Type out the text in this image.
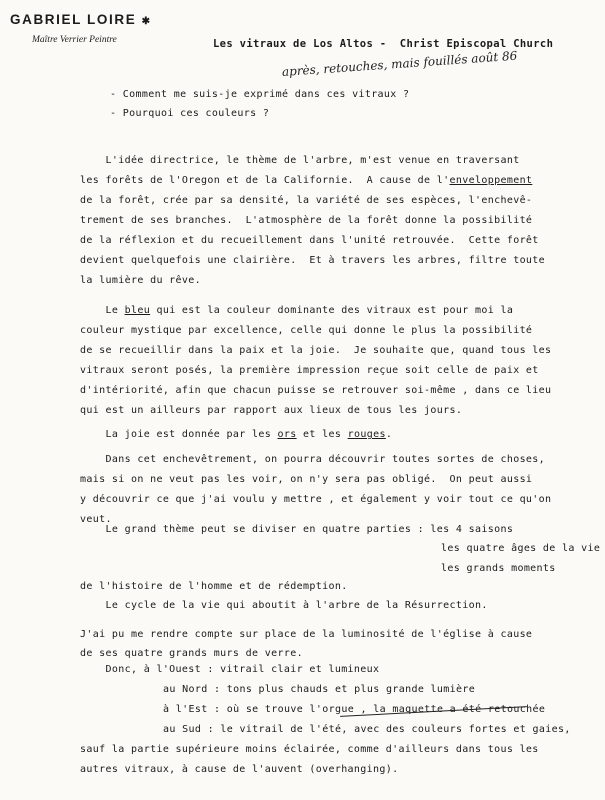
GABRIEL LOIRE ✱
Maître Verrier Peintre	Les vitraux de Los Altos -  Christ Episcopal Church
après, retouches, mais fouillés août 86
- Comment me suis-je exprimé dans ces vitraux ?
- Pourquoi ces couleurs ?
L'idée directrice, le thème de l'arbre, m'est venue en traversant
les forêts de l'Oregon et de la Californie.  A cause de l'enveloppement
de la forêt, crée par sa densité, la variété de ses espèces, l'enchevê-
trement de ses branches.  L'atmosphère de la forêt donne la possibilité
de la réflexion et du recueillement dans l'unité retrouvée.  Cette forêt
devient quelquefois une clairière.  Et à travers les arbres, filtre toute
la lumière du rêve.
Le bleu qui est la couleur dominante des vitraux est pour moi la
couleur mystique par excellence, celle qui donne le plus la possibilité
de se recueillir dans la paix et la joie.  Je souhaite que, quand tous les
vitraux seront posés, la première impression reçue soit celle de paix et
d'intériorité, afin que chacun puisse se retrouver soi-même , dans ce lieu
qui est un ailleurs par rapport aux lieux de tous les jours.
La joie est donnée par les ors et les rouges.
Dans cet enchevêtrement, on pourra découvrir toutes sortes de choses,
mais si on ne veut pas les voir, on n'y sera pas obligé.  On peut aussi
y découvrir ce que j'ai voulu y mettre , et également y voir tout ce qu'on
veut.
Le grand thème peut se diviser en quatre parties : les 4 saisons
les quatre âges de la vie
les grands moments
de l'histoire de l'homme et de rédemption.
Le cycle de la vie qui aboutit à l'arbre de la Résurrection.
J'ai pu me rendre compte sur place de la luminosité de l'église à cause
de ses quatre grands murs de verre.
Donc, à l'Ouest : vitrail clair et lumineux
au Nord : tons plus chauds et plus grande lumière
à l'Est : où se trouve l'orgue , la maquette a été retouchée
au Sud : le vitrail de l'été, avec des couleurs fortes et gaies,
sauf la partie supérieure moins éclairée, comme d'ailleurs dans tous les
autres vitraux, à cause de l'auvent (overhanging).
